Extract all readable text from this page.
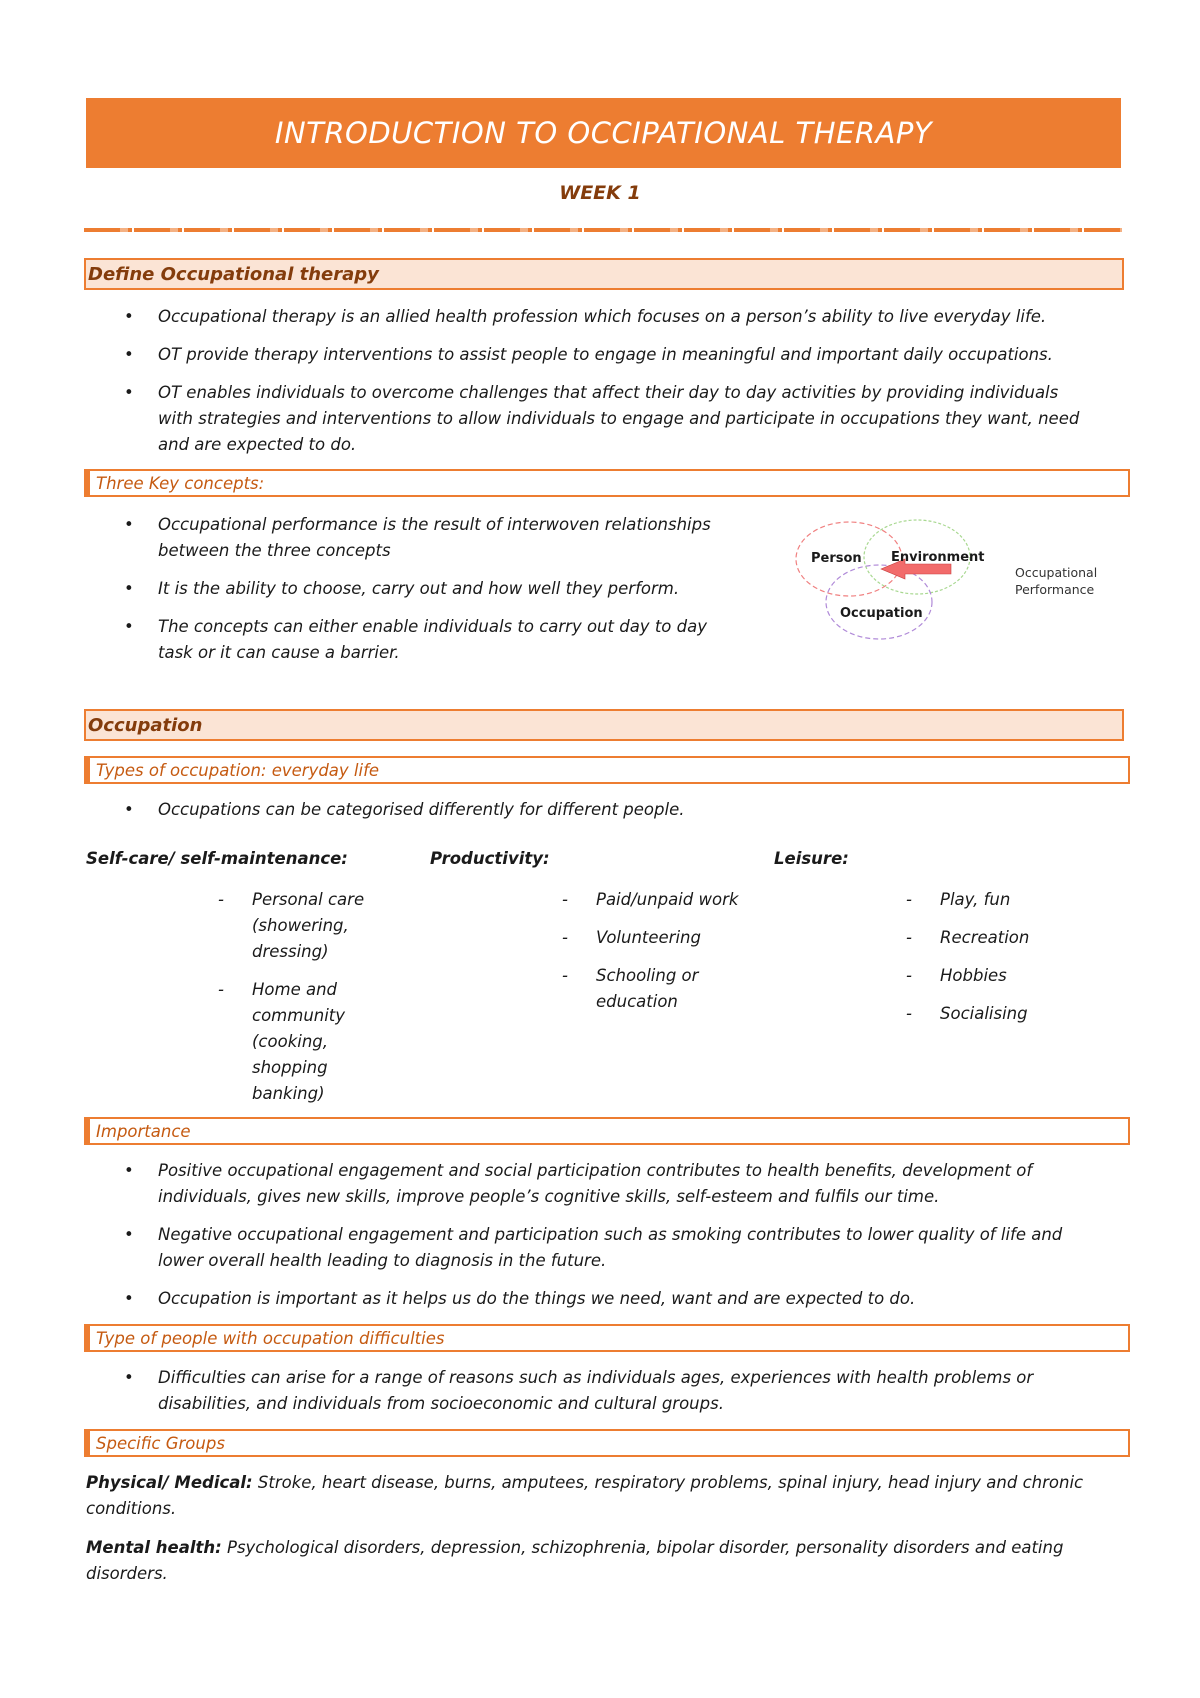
INTRODUCTION TO OCCIPATIONAL THERAPY
WEEK 1
Define Occupational therapy
• Occupational therapy is an allied health profession which focuses on a person’s ability to live everyday life.
• OT provide therapy interventions to assist people to engage in meaningful and important daily occupations.
• OT enables individuals to overcome challenges that affect their day to day activities by providing individuals
with strategies and interventions to allow individuals to engage and participate in occupations they want, need
and are expected to do.
Three Key concepts:
• Occupational performance is the result of interwoven relationships
between the three concepts
• It is the ability to choose, carry out and how well they perform.
• The concepts can either enable individuals to carry out day to day
task or it can cause a barrier.
Person Environment
Occupation
Occupational
Performance
Occupation
Types of occupation: everyday life
• Occupations can be categorised differently for different people.
Self-care/ self-maintenance:	Productivity:	Leisure:
- Personal care
(showering,
dressing)
- Home and
community
(cooking,
shopping
banking)
- Paid/unpaid work
- Volunteering
- Schooling or
education
- Play, fun
- Recreation
- Hobbies
- Socialising
Importance
• Positive occupational engagement and social participation contributes to health benefits, development of
individuals, gives new skills, improve people’s cognitive skills, self-esteem and fulfils our time.
• Negative occupational engagement and participation such as smoking contributes to lower quality of life and
lower overall health leading to diagnosis in the future.
• Occupation is important as it helps us do the things we need, want and are expected to do.
Type of people with occupation difficulties
• Difficulties can arise for a range of reasons such as individuals ages, experiences with health problems or
disabilities, and individuals from socioeconomic and cultural groups.
Specific Groups
Physical/ Medical: Stroke, heart disease, burns, amputees, respiratory problems, spinal injury, head injury and chronic
conditions.
Mental health: Psychological disorders, depression, schizophrenia, bipolar disorder, personality disorders and eating
disorders.
